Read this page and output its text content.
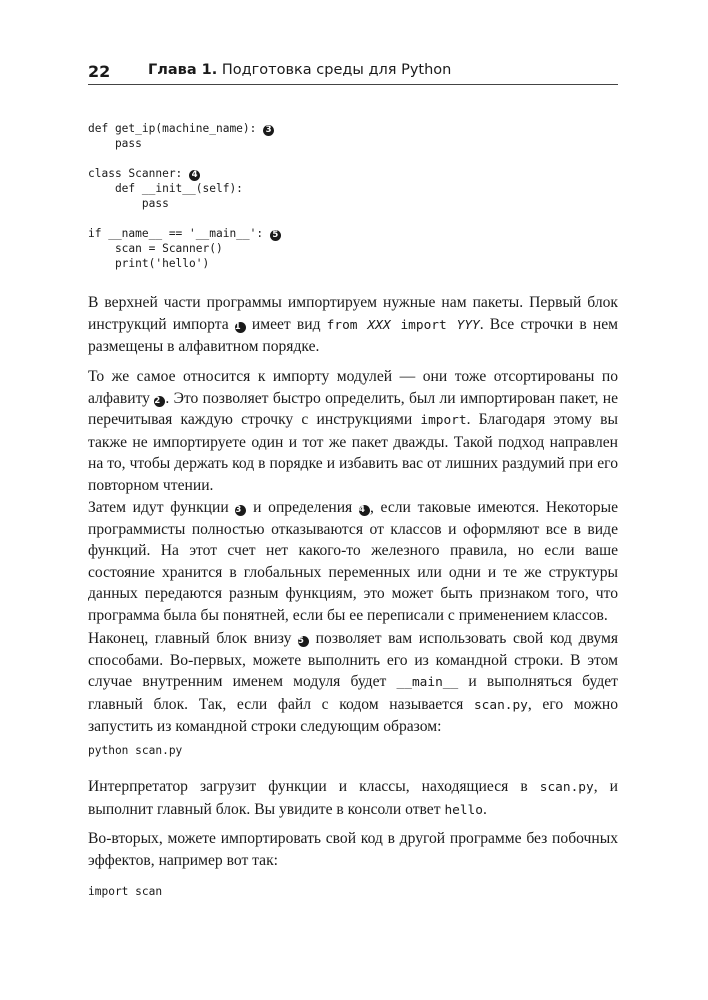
22	Глава 1. Подготовка среды для Python
def get_ip(machine_name): 3
pass

class Scanner: 4
def __init__(self):
pass

if __name__ == '__main__': 5
scan = Scanner()
print('hello')

В верхней части программы импортируем нужные нам пакеты. Первый блок инструкций импорта 1 имеет вид from XXX import YYY. Все строчки в нем размещены в алфавитном порядке.

То же самое относится к импорту модулей — они тоже отсортированы по алфавиту 2 . Это позволяет быстро определить, был ли импортирован пакет, не перечитывая каждую строчку с инструкциями import. Благодаря этому вы также не импортируете один и тот же пакет дважды. Такой подход направлен на то, чтобы держать код в порядке и избавить вас от лишних раздумий при его повторном чтении.

Затем идут функции 3 и определения 4 , если таковые имеются. Некоторые программисты полностью отказываются от классов и оформляют все в виде функций. На этот счет нет какого-то железного правила, но если ваше состояние хранится в глобальных переменных или одни и те же структуры данных передаются разным функциям, это может быть признаком того, что программа была бы понятней, если бы ее переписали с применением классов.

Наконец, главный блок внизу 5 позволяет вам использовать свой код двумя способами. Во-первых, можете выполнить его из командной строки. В этом случае внутренним именем модуля будет __main__ и выполняться будет главный блок. Так, если файл с кодом называется scan.py, его можно запустить из командной строки следующим образом:

python scan.py

Интерпретатор загрузит функции и классы, находящиеся в scan.py, и выполнит главный блок. Вы увидите в консоли ответ hello.

Во-вторых, можете импортировать свой код в другой программе без побочных эффектов, например вот так:

import scan
